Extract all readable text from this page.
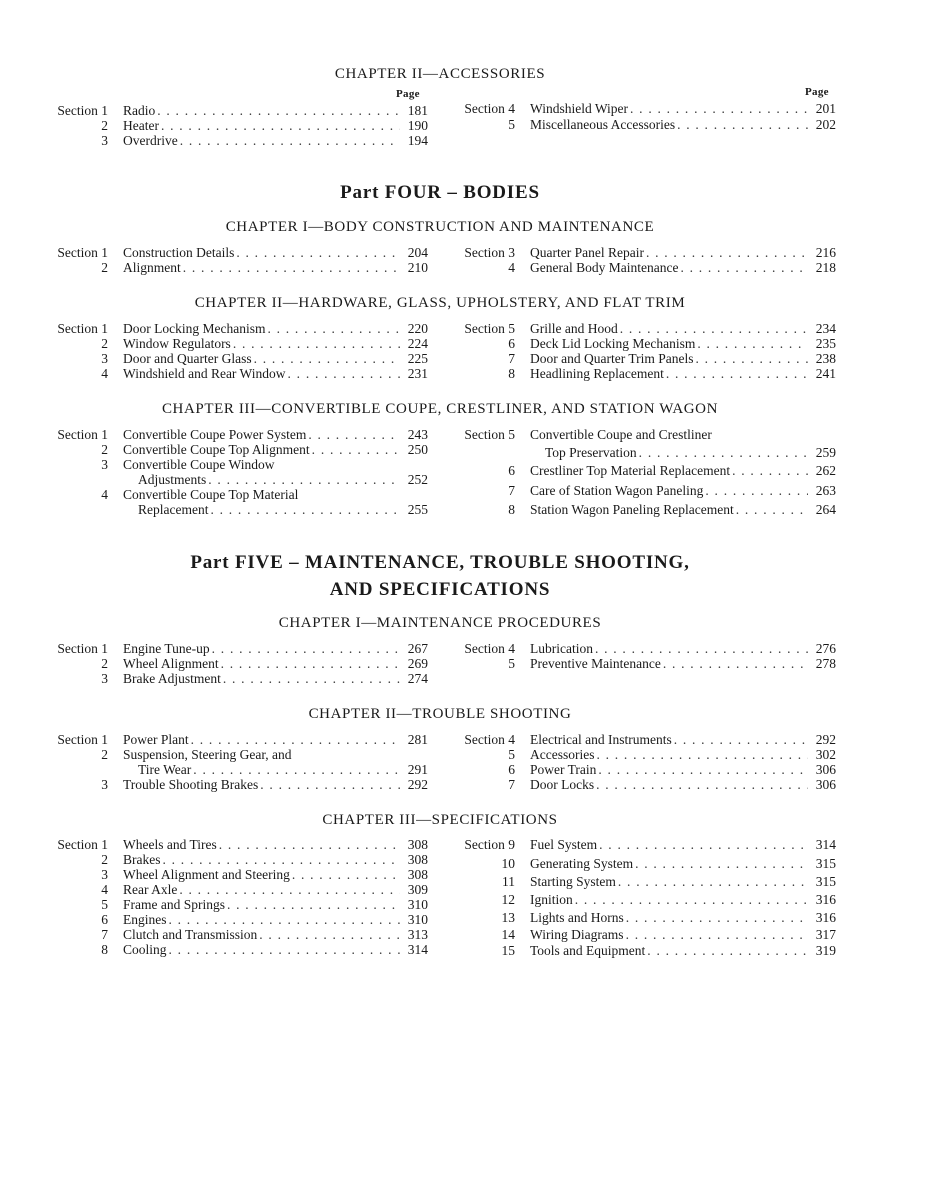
CHAPTER II—ACCESSORIES
Page	Page
Part FOUR – BODIES
CHAPTER I—BODY CONSTRUCTION AND MAINTENANCE
CHAPTER II—HARDWARE, GLASS, UPHOLSTERY, AND FLAT TRIM
CHAPTER III—CONVERTIBLE COUPE, CRESTLINER, AND STATION WAGON
Part FIVE – MAINTENANCE, TROUBLE SHOOTING,
AND SPECIFICATIONS
CHAPTER I—MAINTENANCE PROCEDURES
CHAPTER II—TROUBLE SHOOTING
CHAPTER III—SPECIFICATIONS
Section 1 Radio . . .	181
2 Heater . . .	190
3 Overdrive . . .	194
Section 4 Windshield Wiper . . .	201
5 Miscellaneous Accessories . . .	202
Section 1 Construction Details . . .	204
2 Alignment . . .	210
Section 3 Quarter Panel Repair . . .	216
4 General Body Maintenance . . .	218
Section 1 Door Locking Mechanism . . .	220
2 Window Regulators . . .	224
3 Door and Quarter Glass . . .	225
4 Windshield and Rear Window . . .	231
Section 5 Grille and Hood . . .	234
6 Deck Lid Locking Mechanism . . .	235
7 Door and Quarter Trim Panels . . .	238
8 Headlining Replacement . . .	241
Section 1 Convertible Coupe Power System . . .	243
2 Convertible Coupe Top Alignment . . .	250
3 Convertible Coupe Window
Adjustments . . .	252
4 Convertible Coupe Top Material
Replacement . . .	255
Section 5 Convertible Coupe and Crestliner
Top Preservation . . .	259
6 Crestliner Top Material Replacement . . .	262
7 Care of Station Wagon Paneling . . .	263
8 Station Wagon Paneling Replacement . . .	264
Section 1 Engine Tune-up . . .	267
2 Wheel Alignment . . .	269
3 Brake Adjustment . . .	274
Section 4 Lubrication . . .	276
5 Preventive Maintenance . . .	278
Section 1 Power Plant . . .	281
2 Suspension, Steering Gear, and
Tire Wear . . .	291
3 Trouble Shooting Brakes . . .	292
Section 4 Electrical and Instruments . . .	292
5 Accessories . . .	302
6 Power Train . . .	306
7 Door Locks . . .	306
Section 1 Wheels and Tires . . .	308
2 Brakes . . .	308
3 Wheel Alignment and Steering . . .	308
4 Rear Axle . . .	309
5 Frame and Springs . . .	310
6 Engines . . .	310
7 Clutch and Transmission . . .	313
8 Cooling . . .	314
Section 9 Fuel System . . .	314
10 Generating System . . .	315
11 Starting System . . .	315
12 Ignition . . .	316
13 Lights and Horns . . .	316
14 Wiring Diagrams . . .	317
15 Tools and Equipment . . .	319
